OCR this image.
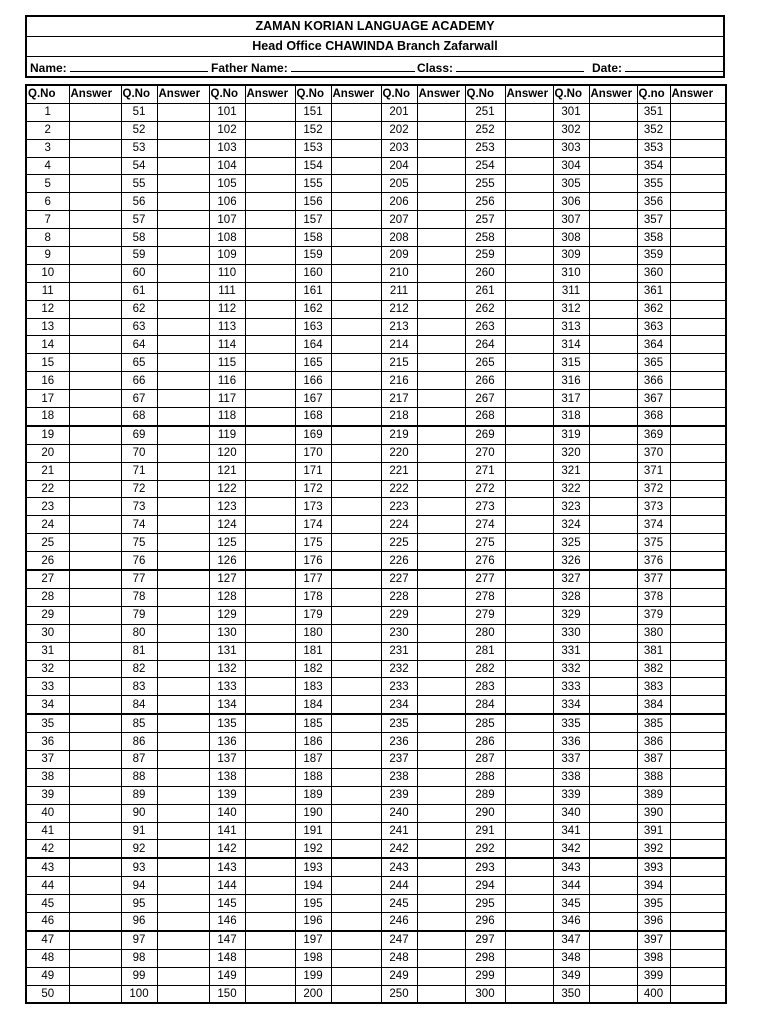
ZAMAN KORIAN LANGUAGE ACADEMY
Head Office CHAWINDA Branch Zafarwall
Name:	Father Name:	Class:	Date:
Q.No	Answer	Q.No	Answer	Q.No	Answer	Q.No	Answer	Q.No	Answer	Q.No	Answer	Q.No	Answer	Q.no	Answer
1		51		101		151		201		251		301		351	
2		52		102		152		202		252		302		352	
3		53		103		153		203		253		303		353	
4		54		104		154		204		254		304		354	
5		55		105		155		205		255		305		355	
6		56		106		156		206		256		306		356	
7		57		107		157		207		257		307		357	
8		58		108		158		208		258		308		358	
9		59		109		159		209		259		309		359	
10		60		110		160		210		260		310		360	
11		61		111		161		211		261		311		361	
12		62		112		162		212		262		312		362	
13		63		113		163		213		263		313		363	
14		64		114		164		214		264		314		364	
15		65		115		165		215		265		315		365	
16		66		116		166		216		266		316		366	
17		67		117		167		217		267		317		367	
18		68		118		168		218		268		318		368	
19		69		119		169		219		269		319		369	
20		70		120		170		220		270		320		370	
21		71		121		171		221		271		321		371	
22		72		122		172		222		272		322		372	
23		73		123		173		223		273		323		373	
24		74		124		174		224		274		324		374	
25		75		125		175		225		275		325		375	
26		76		126		176		226		276		326		376	
27		77		127		177		227		277		327		377	
28		78		128		178		228		278		328		378	
29		79		129		179		229		279		329		379	
30		80		130		180		230		280		330		380	
31		81		131		181		231		281		331		381	
32		82		132		182		232		282		332		382	
33		83		133		183		233		283		333		383	
34		84		134		184		234		284		334		384	
35		85		135		185		235		285		335		385	
36		86		136		186		236		286		336		386	
37		87		137		187		237		287		337		387	
38		88		138		188		238		288		338		388	
39		89		139		189		239		289		339		389	
40		90		140		190		240		290		340		390	
41		91		141		191		241		291		341		391	
42		92		142		192		242		292		342		392	
43		93		143		193		243		293		343		393	
44		94		144		194		244		294		344		394	
45		95		145		195		245		295		345		395	
46		96		146		196		246		296		346		396	
47		97		147		197		247		297		347		397	
48		98		148		198		248		298		348		398	
49		99		149		199		249		299		349		399	
50		100		150		200		250		300		350		400	
